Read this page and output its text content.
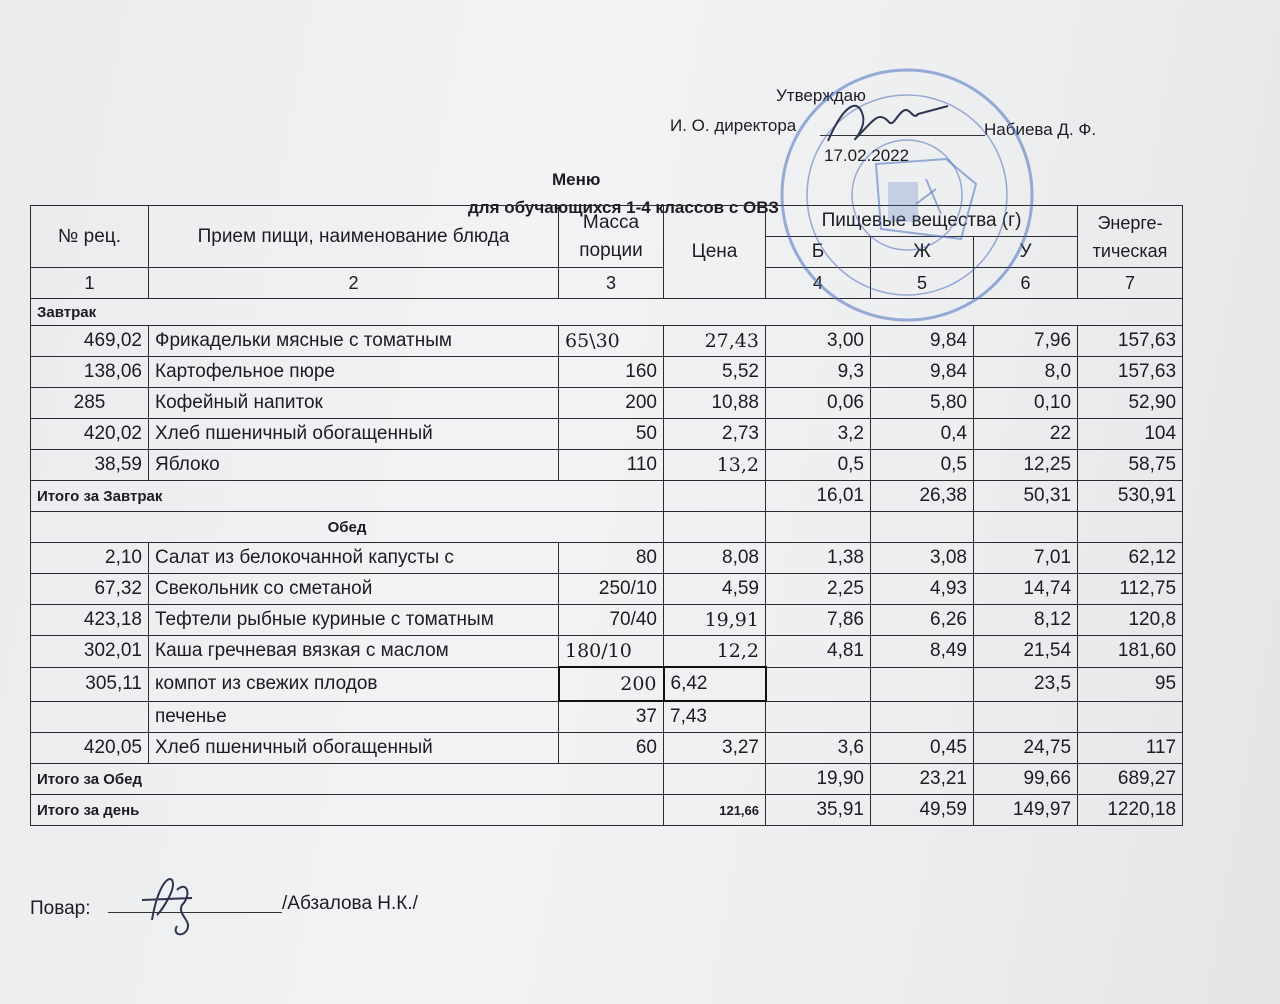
Утверждаю
И. О. директора	Набиева Д. Ф.
17.02.2022
Меню
для обучающихся 1-4 классов с ОВЗ
№ рец.	Прием пищи, наименование блюда	Масса порции	Цена	Пищевые вещества (г)			Энерге-тическая
				Б	Ж	У	
1	2	3		4	5	6	7
Завтрак							
469,02	Фрикадельки мясные с томатным	65\30	27,43	3,00	9,84	7,96	157,63
138,06	Картофельное пюре	160	5,52	9,3	9,84	8,0	157,63
285	Кофейный напиток	200	10,88	0,06	5,80	0,10	52,90
420,02	Хлеб пшеничный обогащенный	50	2,73	3,2	0,4	22	104
38,59	Яблоко	110	13,2	0,5	0,5	12,25	58,75
Итого за Завтрак				16,01	26,38	50,31	530,91
Обед							
2,10	Салат из белокочанной капусты с	80	8,08	1,38	3,08	7,01	62,12
67,32	Свекольник со сметаной	250/10	4,59	2,25	4,93	14,74	112,75
423,18	Тефтели рыбные куриные с томатным	70/40	19,91	7,86	6,26	8,12	120,8
302,01	Каша гречневая вязкая с маслом	180/10	12,2	4,81	8,49	21,54	181,60
305,11	компот из свежих плодов	200	6,42			23,5	95
	печенье	37	7,43				
420,05	Хлеб пшеничный обогащенный	60	3,27	3,6	0,45	24,75	117
Итого за Обед				19,90	23,21	99,66	689,27
Итого за день			121,66	35,91	49,59	149,97	1220,18
Повар:	/Абзалова Н.К./
